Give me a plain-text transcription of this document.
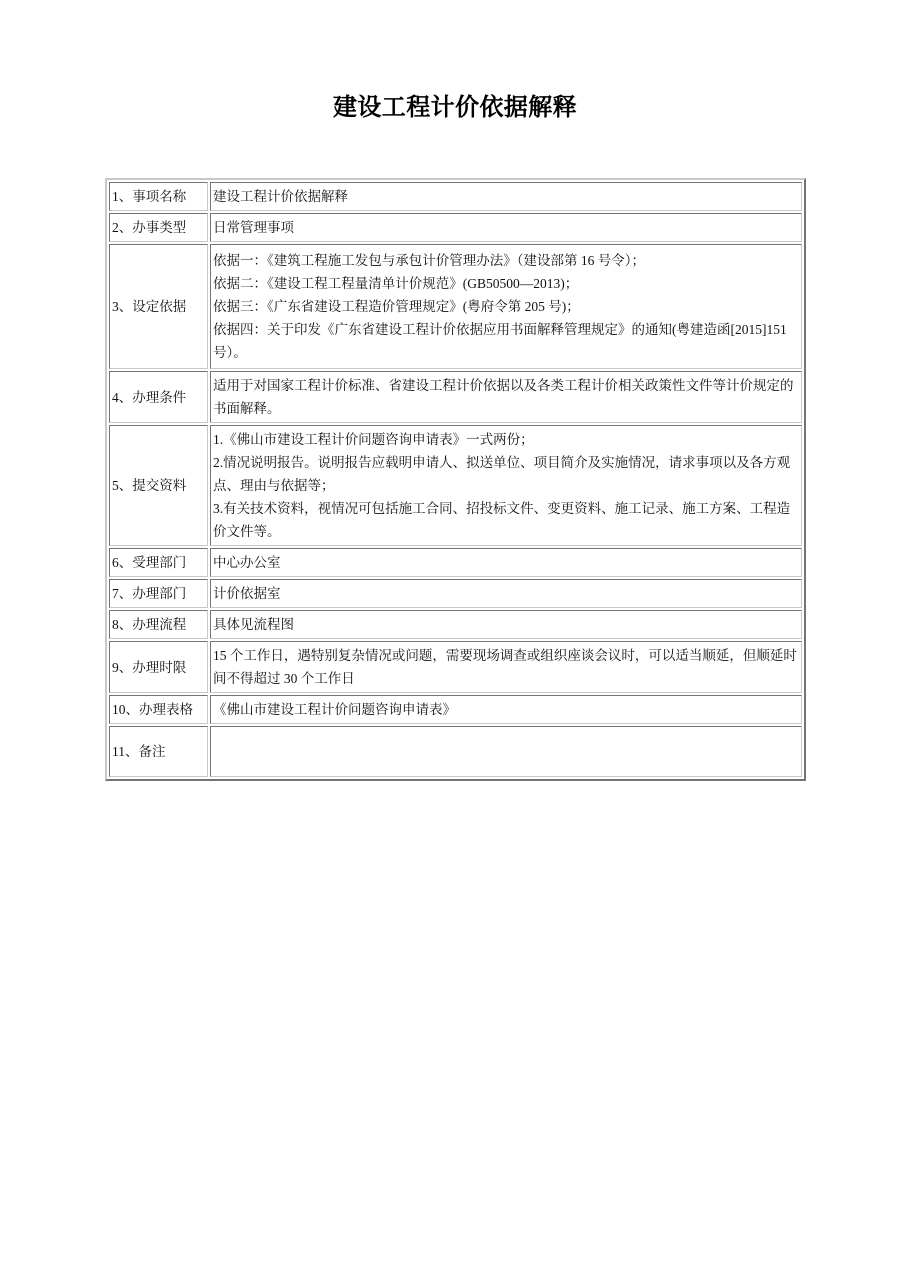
建设工程计价依据解释
1、事项名称	建设工程计价依据解释

2、办事类型	日常管理事项

3、设定依据	依据一：《建筑工程施工发包与承包计价管理办法》（建设部第 16 号令）；
依据二：《建设工程工程量清单计价规范》(GB50500—2013)；
依据三：《广东省建设工程造价管理规定》(粤府令第 205 号)；
依据四：关于印发《广东省建设工程计价依据应用书面解释管理规定》的通知(粤建造函[2015]151 号）。

4、办理条件	适用于对国家工程计价标准、省建设工程计价依据以及各类工程计价相关政策性文件等计价规定的书面解释。

5、提交资料	1.《佛山市建设工程计价问题咨询申请表》一式两份；
2.情况说明报告。说明报告应载明申请人、拟送单位、项目简介及实施情况，请求事项以及各方观点、理由与依据等；
3.有关技术资料，视情况可包括施工合同、招投标文件、变更资料、施工记录、施工方案、工程造价文件等。

6、受理部门	中心办公室

7、办理部门	计价依据室

8、办理流程	具体见流程图

9、办理时限	15 个工作日，遇特别复杂情况或问题，需要现场调查或组织座谈会议时，可以适当顺延，但顺延时间不得超过 30 个工作日

10、办理表格	《佛山市建设工程计价问题咨询申请表》

11、备注	
